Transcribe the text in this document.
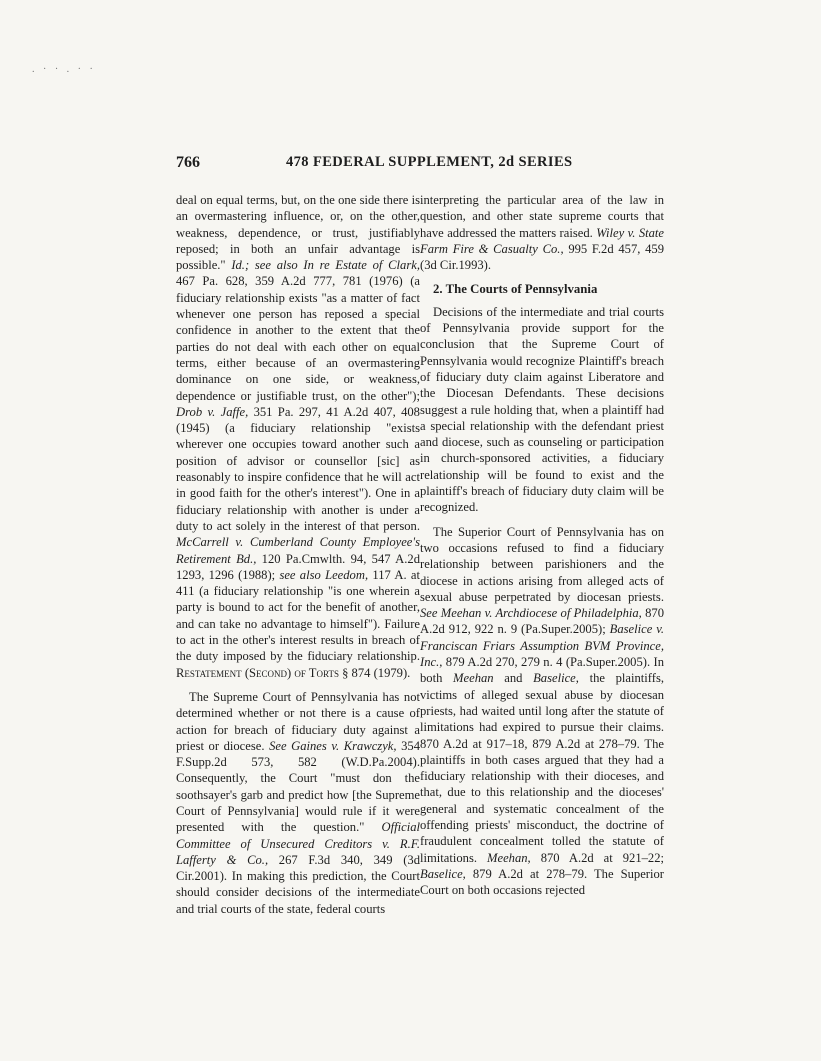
. · · . · ·
766	478 FEDERAL SUPPLEMENT, 2d SERIES

deal on equal terms, but, on the one side there is an overmastering influence, or, on the other, weakness, dependence, or trust, justifiably reposed; in both an unfair advantage is possible." Id.; see also In re Estate of Clark, 467 Pa. 628, 359 A.2d 777, 781 (1976) (a fiduciary relationship exists "as a matter of fact whenever one person has reposed a special confidence in another to the extent that the parties do not deal with each other on equal terms, either because of an overmastering dominance on one side, or weakness, dependence or justifiable trust, on the other"); Drob v. Jaffe, 351 Pa. 297, 41 A.2d 407, 408 (1945) (a fiduciary relationship "exists wherever one occupies toward another such a position of advisor or counsellor [sic] as reasonably to inspire confidence that he will act in good faith for the other's interest"). One in a fiduciary relationship with another is under a duty to act solely in the interest of that person. McCarrell v. Cumberland County Employee's Retirement Bd., 120 Pa.Cmwlth. 94, 547 A.2d 1293, 1296 (1988); see also Leedom, 117 A. at 411 (a fiduciary relationship "is one wherein a party is bound to act for the benefit of another, and can take no advantage to himself"). Failure to act in the other's interest results in breach of the duty imposed by the fiduciary relationship. Restatement (Second) of Torts § 874 (1979).

The Supreme Court of Pennsylvania has not determined whether or not there is a cause of action for breach of fiduciary duty against a priest or diocese. See Gaines v. Krawczyk, 354 F.Supp.2d 573, 582 (W.D.Pa.2004). Consequently, the Court "must don the soothsayer's garb and predict how [the Supreme Court of Pennsylvania] would rule if it were presented with the question." Official Committee of Unsecured Creditors v. R.F. Lafferty & Co., 267 F.3d 340, 349 (3d Cir.2001). In making this prediction, the Court should consider decisions of the intermediate and trial courts of the state, federal courts

interpreting the particular area of the law in question, and other state supreme courts that have addressed the matters raised. Wiley v. State Farm Fire & Casualty Co., 995 F.2d 457, 459 (3d Cir.1993).

2. The Courts of Pennsylvania

Decisions of the intermediate and trial courts of Pennsylvania provide support for the conclusion that the Supreme Court of Pennsylvania would recognize Plaintiff's breach of fiduciary duty claim against Liberatore and the Diocesan Defendants. These decisions suggest a rule holding that, when a plaintiff had a special relationship with the defendant priest and diocese, such as counseling or participation in church-sponsored activities, a fiduciary relationship will be found to exist and the plaintiff's breach of fiduciary duty claim will be recognized.

The Superior Court of Pennsylvania has on two occasions refused to find a fiduciary relationship between parishioners and the diocese in actions arising from alleged acts of sexual abuse perpetrated by diocesan priests. See Meehan v. Archdiocese of Philadelphia, 870 A.2d 912, 922 n. 9 (Pa.Super.2005); Baselice v. Franciscan Friars Assumption BVM Province, Inc., 879 A.2d 270, 279 n. 4 (Pa.Super.2005). In both Meehan and Baselice, the plaintiffs, victims of alleged sexual abuse by diocesan priests, had waited until long after the statute of limitations had expired to pursue their claims. 870 A.2d at 917–18, 879 A.2d at 278–79. The plaintiffs in both cases argued that they had a fiduciary relationship with their dioceses, and that, due to this relationship and the dioceses' general and systematic concealment of the offending priests' misconduct, the doctrine of fraudulent concealment tolled the statute of limitations. Meehan, 870 A.2d at 921–22; Baselice, 879 A.2d at 278–79. The Superior Court on both occasions rejected
